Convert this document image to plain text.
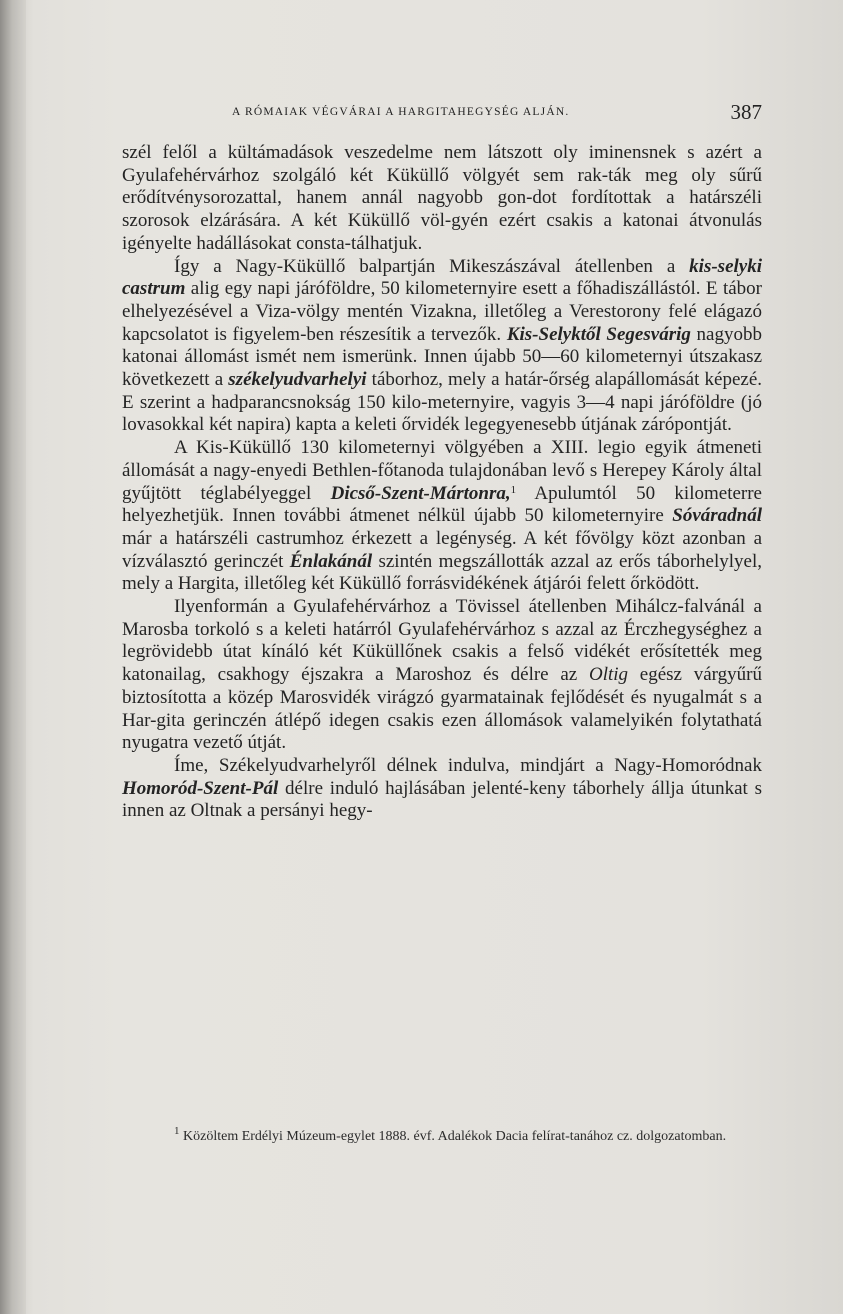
A RÓMAIAK VÉGVÁRAI A HARGITAHEGYSÉG ALJÁN.	387

szél felől a kültámadások veszedelme nem látszott oly iminensnek s azért a Gyulafehérvárhoz szolgáló két Küküllő völgyét sem rak-ták meg oly sűrű erődítvénysorozattal, hanem annál nagyobb gon-dot fordítottak a határszéli szorosok elzárására. A két Küküllő völ-gyén ezért csakis a katonai átvonulás igényelte hadállásokat consta-tálhatjuk.

Így a Nagy-Küküllő balpartján Mikeszászával átellenben a kis-selyki castrum alig egy napi járóföldre, 50 kilometernyire esett a főhadiszállástól. E tábor elhelyezésével a Viza-völgy mentén Vizakna, illetőleg a Verestorony felé elágazó kapcsolatot is figyelem-ben részesítik a tervezők. Kis-Selyktől Segesvárig nagyobb katonai állomást ismét nem ismerünk. Innen újabb 50—60 kilometernyi útszakasz következett a székelyudvarhelyi táborhoz, mely a határ-őrség alapállomását képezé. E szerint a hadparancsnokság 150 kilo-meternyire, vagyis 3—4 napi járóföldre (jó lovasokkal két napira) kapta a keleti őrvidék legegyenesebb útjának zárópontját.

A Kis-Küküllő 130 kilometernyi völgyében a XIII. legio egyik átmeneti állomását a nagy-enyedi Bethlen-főtanoda tulajdonában levő s Herepey Károly által gyűjtött téglabélyeggel Dicső-Szent-Mártonra,$^1$ Apulumtól 50 kilometerre helyezhetjük. Innen további átmenet nélkül újabb 50 kilometernyire Sóváradnál már a határszéli castrumhoz érkezett a legénység. A két fővölgy közt azonban a vízválasztó gerinczét Énlakánál szintén megszállották azzal az erős táborhelylyel, mely a Hargita, illetőleg két Küküllő forrásvidékének átjárói felett őrködött.

Ilyenformán a Gyulafehérvárhoz a Tövissel átellenben Mihálcz-falvánál a Marosba torkoló s a keleti határról Gyulafehérvárhoz s azzal az Érczhegységhez a legrövidebb útat kínáló két Küküllőnek csakis a felső vidékét erősítették meg katonailag, csakhogy éjszakra a Maroshoz és délre az Oltig egész várgyűrű biztosította a közép Marosvidék virágzó gyarmatainak fejlődését és nyugalmát s a Har-gita gerinczén átlépő idegen csakis ezen állomások valamelyikén folytathatá nyugatra vezető útját.

Íme, Székelyudvarhelyről délnek indulva, mindjárt a Nagy-Homoródnak Homoród-Szent-Pál délre induló hajlásában jelenté-keny táborhely állja útunkat s innen az Oltnak a persányi hegy-

$^1$ Közöltem Erdélyi Múzeum-egylet 1888. évf. Adalékok Dacia felírat-tanához cz. dolgozatomban.
